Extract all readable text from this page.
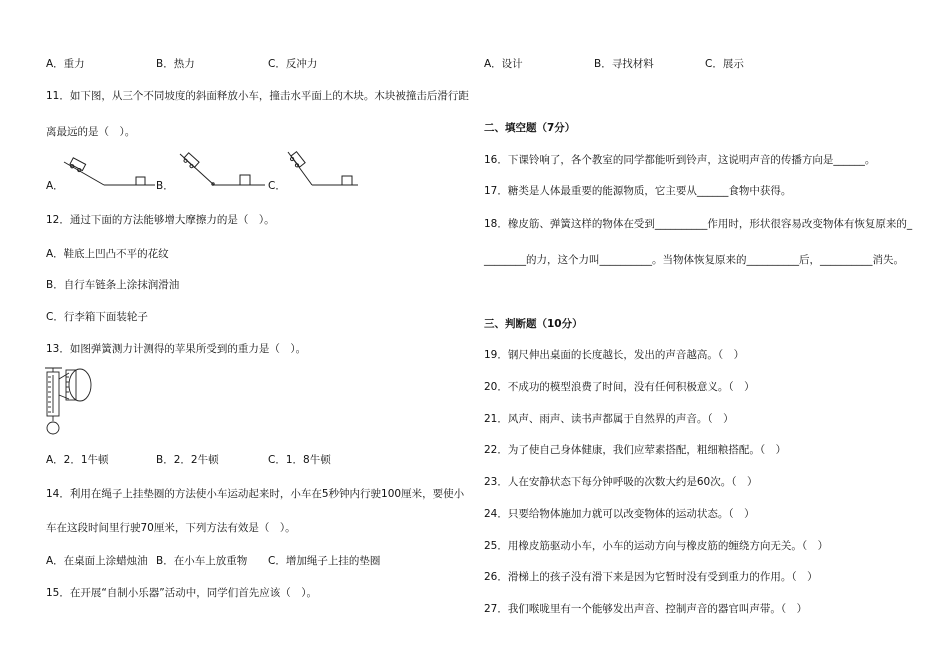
A．重力	B．热力	C．反冲力
11．如下图，从三个不同坡度的斜面释放小车，撞击水平面上的木块。木块被撞击后滑行距
离最远的是（　）。
A．	B．	C．
12．通过下面的方法能够增大摩擦力的是（　）。
A．鞋底上凹凸不平的花纹
B．自行车链条上涂抹润滑油
C．行李箱下面装轮子
13．如图弹簧测力计测得的苹果所受到的重力是（　）。
A．2．1牛顿	B．2．2牛顿	C．1．8牛顿
14．利用在绳子上挂垫圈的方法使小车运动起来时，小车在5秒钟内行驶100厘米，要使小
车在这段时间里行驶70厘米，下列方法有效是（　）。
A．在桌面上涂蜡烛油 B．在小车上放重物 C．增加绳子上挂的垫圈
15．在开展“自制小乐器”活动中，同学们首先应该（　）。
A．设计	B．寻找材料	C．展示
二、填空题（7分）
16．下课铃响了，各个教室的同学都能听到铃声，这说明声音的传播方向是______。
17．糖类是人体最重要的能源物质，它主要从______食物中获得。
18．橡皮筋、弹簧这样的物体在受到__________作用时，形状很容易改变物体有恢复原来的_
________的力，这个力叫__________。当物体恢复原来的__________后，__________消失。
三、判断题（10分）
19．钢尺伸出桌面的长度越长，发出的声音越高。（　）
20．不成功的模型浪费了时间，没有任何积极意义。（　）
21．风声、雨声、读书声都属于自然界的声音。（　）
22．为了使自己身体健康，我们应荤素搭配，粗细粮搭配。（　）
23．人在安静状态下每分钟呼吸的次数大约是60次。（　）
24．只要给物体施加力就可以改变物体的运动状态。（　）
25．用橡皮筋驱动小车，小车的运动方向与橡皮筋的缠绕方向无关。（　）
26．滑梯上的孩子没有滑下来是因为它暂时没有受到重力的作用。（　）
27．我们喉咙里有一个能够发出声音、控制声音的器官叫声带。（　）
